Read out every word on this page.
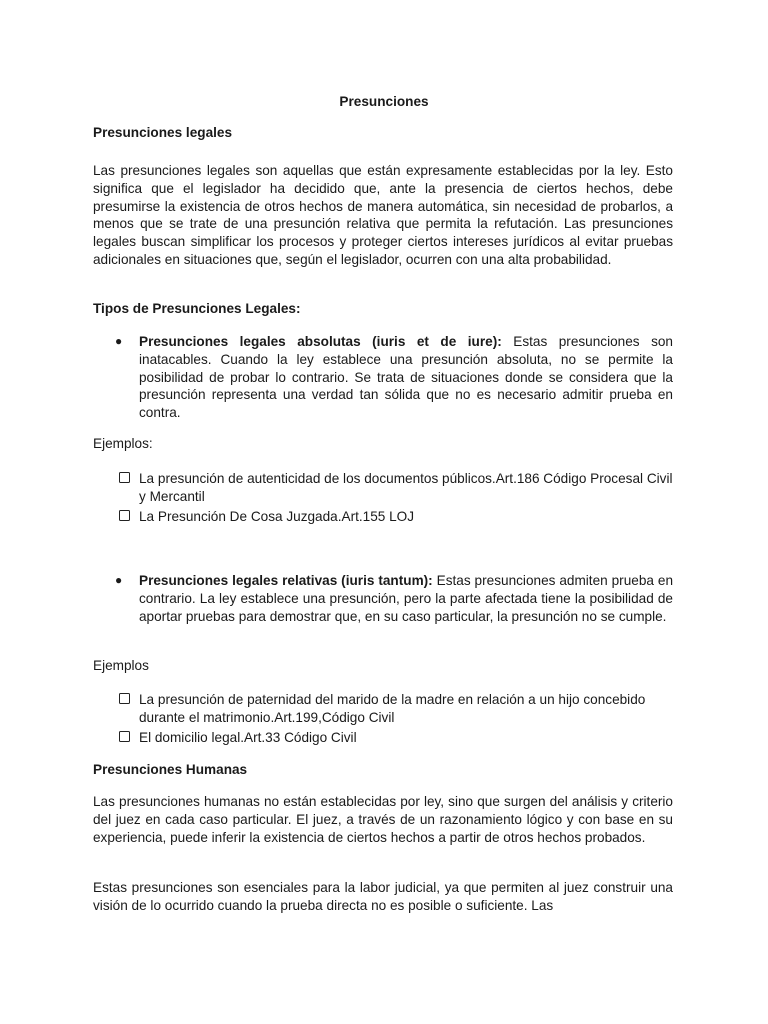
Presunciones

Presunciones legales

Las presunciones legales son aquellas que están expresamente establecidas por la ley. Esto significa que el legislador ha decidido que, ante la presencia de ciertos hechos, debe presumirse la existencia de otros hechos de manera automática, sin necesidad de probarlos, a menos que se trate de una presunción relativa que permita la refutación. Las presunciones legales buscan simplificar los procesos y proteger ciertos intereses jurídicos al evitar pruebas adicionales en situaciones que, según el legislador, ocurren con una alta probabilidad.

Tipos de Presunciones Legales:

● Presunciones legales absolutas (iuris et de iure): Estas presunciones son inatacables. Cuando la ley establece una presunción absoluta, no se permite la posibilidad de probar lo contrario. Se trata de situaciones donde se considera que la presunción representa una verdad tan sólida que no es necesario admitir prueba en contra.

Ejemplos:

La presunción de autenticidad de los documentos públicos.Art.186 Código Procesal Civil y Mercantil

La Presunción De Cosa Juzgada.Art.155 LOJ

● Presunciones legales relativas (iuris tantum): Estas presunciones admiten prueba en contrario. La ley establece una presunción, pero la parte afectada tiene la posibilidad de aportar pruebas para demostrar que, en su caso particular, la presunción no se cumple.

Ejemplos

La presunción de paternidad del marido de la madre en relación a un hijo concebido durante el matrimonio.Art.199,Código Civil

El domicilio legal.Art.33 Código Civil

Presunciones Humanas

Las presunciones humanas no están establecidas por ley, sino que surgen del análisis y criterio del juez en cada caso particular. El juez, a través de un razonamiento lógico y con base en su experiencia, puede inferir la existencia de ciertos hechos a partir de otros hechos probados.

Estas presunciones son esenciales para la labor judicial, ya que permiten al juez construir una visión de lo ocurrido cuando la prueba directa no es posible o suficiente. Las
